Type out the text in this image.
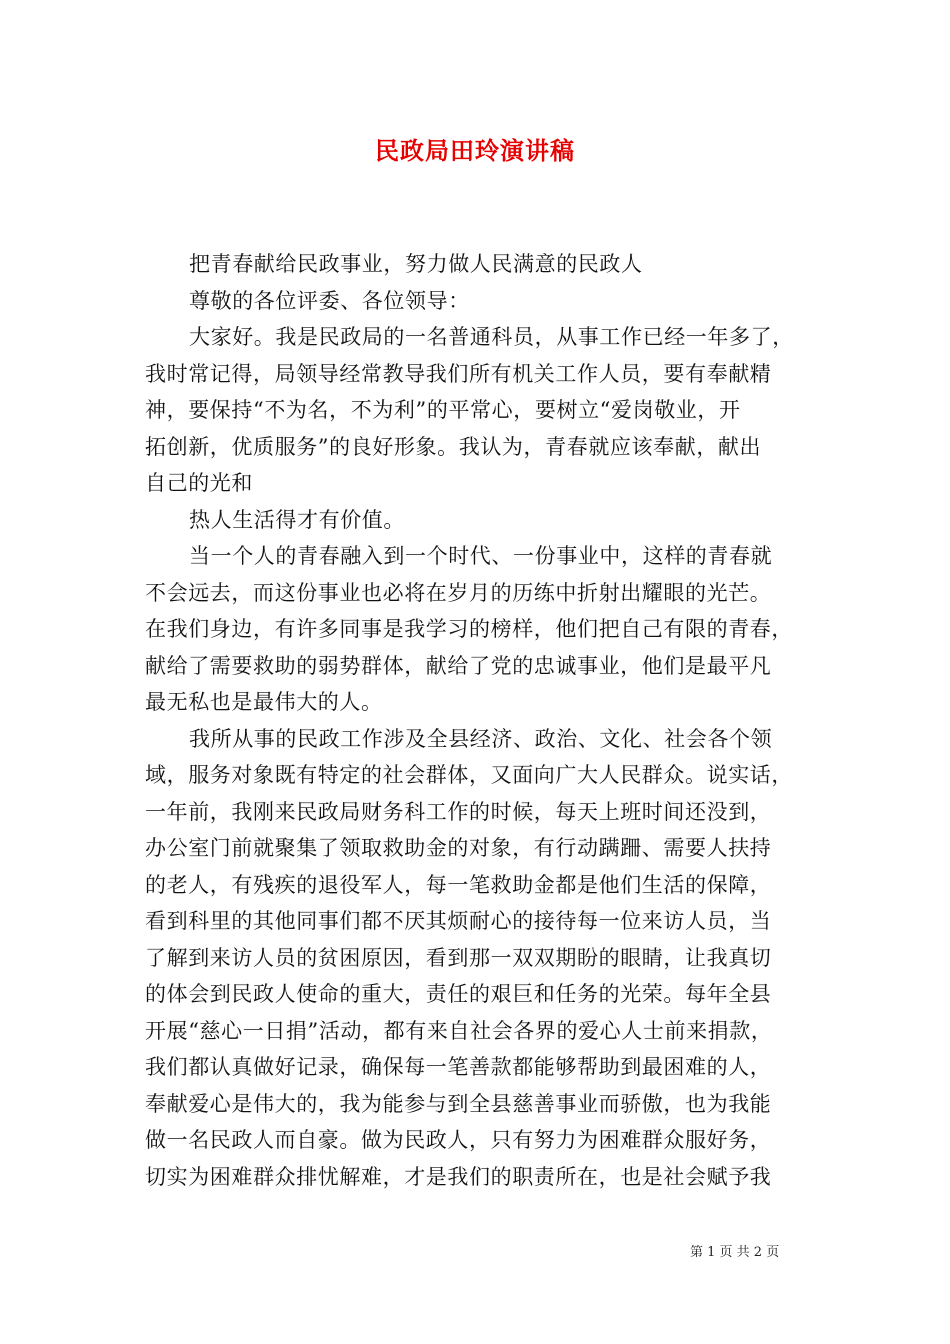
民政局田玲演讲稿
把青春献给民政事业，努力做人民满意的民政人
尊敬的各位评委、各位领导：
大家好。我是民政局的一名普通科员，从事工作已经一年多了，
我时常记得，局领导经常教导我们所有机关工作人员，要有奉献精
神，要保持“不为名，不为利”的平常心，要树立“爱岗敬业，开
拓创新，优质服务”的良好形象。我认为，青春就应该奉献，献出
自己的光和
热人生活得才有价值。
当一个人的青春融入到一个时代、一份事业中，这样的青春就
不会远去，而这份事业也必将在岁月的历练中折射出耀眼的光芒。
在我们身边，有许多同事是我学习的榜样，他们把自己有限的青春，
献给了需要救助的弱势群体，献给了党的忠诚事业，他们是最平凡
最无私也是最伟大的人。
我所从事的民政工作涉及全县经济、政治、文化、社会各个领
域，服务对象既有特定的社会群体，又面向广大人民群众。说实话，
一年前，我刚来民政局财务科工作的时候，每天上班时间还没到，
办公室门前就聚集了领取救助金的对象，有行动蹒跚、需要人扶持
的老人，有残疾的退役军人，每一笔救助金都是他们生活的保障，
看到科里的其他同事们都不厌其烦耐心的接待每一位来访人员，当
了解到来访人员的贫困原因，看到那一双双期盼的眼睛，让我真切
的体会到民政人使命的重大，责任的艰巨和任务的光荣。每年全县
开展“慈心一日捐”活动，都有来自社会各界的爱心人士前来捐款，
我们都认真做好记录，确保每一笔善款都能够帮助到最困难的人，
奉献爱心是伟大的，我为能参与到全县慈善事业而骄傲，也为我能
做一名民政人而自豪。做为民政人，只有努力为困难群众服好务，
切实为困难群众排忧解难，才是我们的职责所在，也是社会赋予我
第 1 页 共 2 页
